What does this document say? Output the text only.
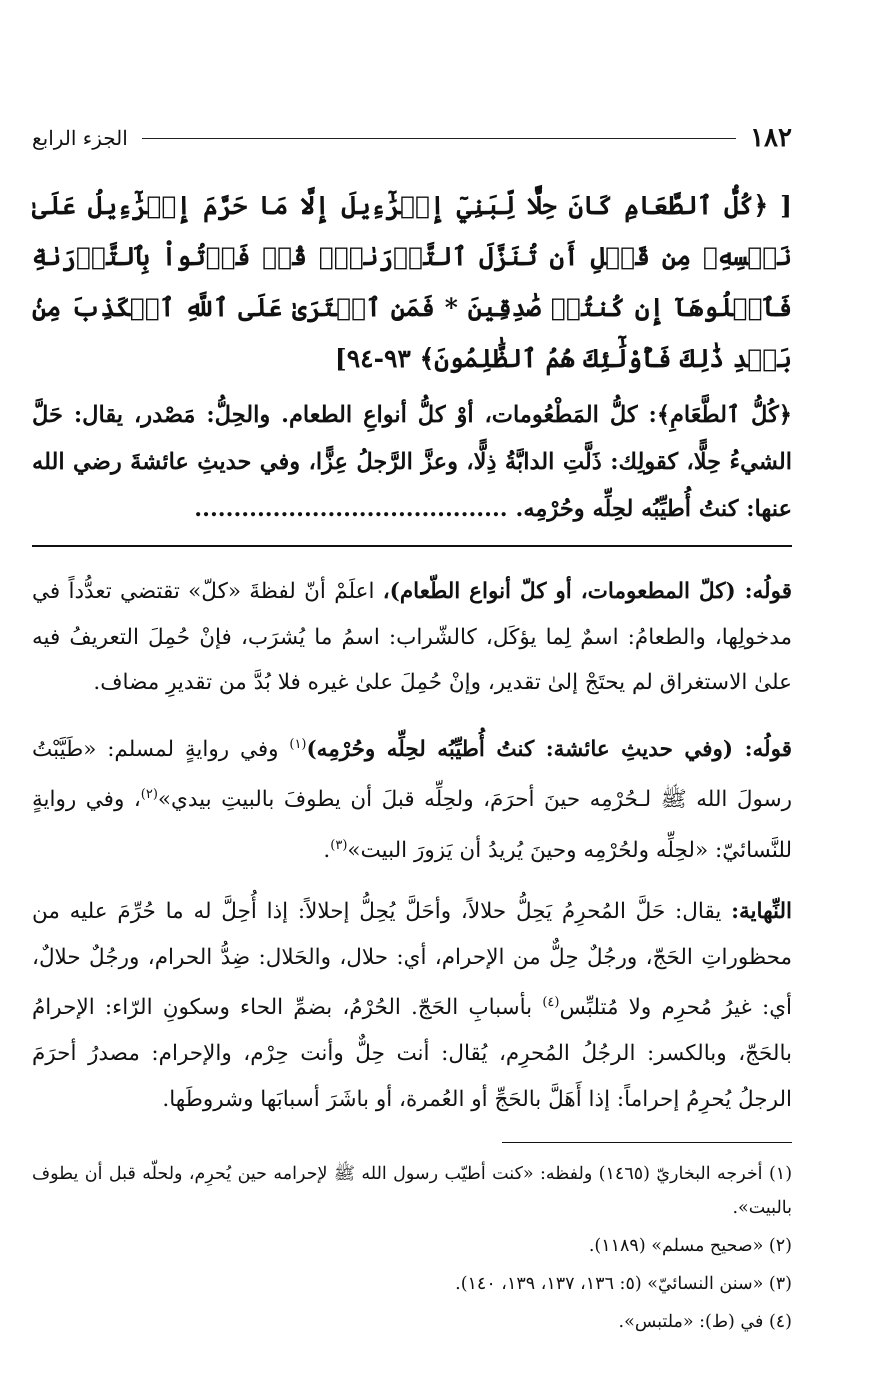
١٨٢
الجزء الرابع

[ ﴿كُلُّ ٱلطَّعَامِ كَانَ حِلًّا لِّبَنِيٓ إِسۡرَٰٓءِيلَ إِلَّا مَا حَرَّمَ إِسۡرَٰٓءِيلُ عَلَىٰ نَفۡسِهِۦ مِن قَبۡلِ أَن تُنَزَّلَ ٱلتَّوۡرَىٰةُۚ قُلۡ فَأۡتُواْ بِٱلتَّوۡرَىٰةِ فَٱتۡلُوهَآ إِن كُنتُمۡ صَٰدِقِينَ * فَمَنِ ٱفۡتَرَىٰ عَلَى ٱللَّهِ ٱلۡكَذِبَ مِنۢ بَعۡدِ ذَٰلِكَ فَأُوْلَٰٓئِكَ هُمُ ٱلظَّٰلِمُونَ﴾ ٩٣-٩٤]

﴿كُلُّ ٱلطَّعَامِ﴾: كلُّ المَطْعُومات، أوْ كلُّ أنواعِ الطعام. والحِلُّ: مَصْدر، يقال: حَلَّ الشيءُ حِلًّا، كقولِك: ذَلَّتِ الدابَّةُ ذِلًّا، وعزَّ الرَّجلُ عِزًّا، وفي حديثِ عائشةَ رضي الله عنها: كنتُ أُطيِّبُه لحِلِّه وحُرْمِه. ........................................

قولُه: (كلّ المطعومات، أو كلّ أنواع الطّعام)، اعلَمْ أنّ لفظةَ «كلّ» تقتضي تعدُّداً في مدخولِها، والطعامُ: اسمٌ لِما يؤكَل، كالشّراب: اسمُ ما يُشرَب، فإنْ حُمِلَ التعريفُ فيه علىٰ الاستغراق لم يحتَجْ إلىٰ تقدير، وإنْ حُمِلَ علىٰ غيره فلا بُدَّ من تقديرِ مضاف.

قولُه: (وفي حديثِ عائشة: كنتُ أُطيِّبُه لحِلِّه وحُرْمِه)$^{(١)}$ وفي روايةٍ لمسلم: «طَيَّبْتُ رسولَ الله ﷺ لـحُرْمِه حينَ أحرَمَ، ولحِلِّه قبلَ أن يطوفَ بالبيتِ بيدي»$^{(٢)}$، وفي روايةٍ للنَّسائيّ: «لحِلِّه ولحُرْمِه وحينَ يُريدُ أن يَزورَ البيت»$^{(٣)}$.

النِّهاية: يقال: حَلَّ المُحرِمُ يَحِلُّ حلالاً، وأحَلَّ يُحِلُّ إحلالاً: إذا أُحِلَّ له ما حُرِّمَ عليه من محظوراتِ الحَجّ، ورجُلٌ حِلٌّ من الإحرام، أي: حلال، والحَلال: ضِدُّ الحرام، ورجُلٌ حلالٌ، أي: غيرُ مُحرِم ولا مُتلبِّس$^{(٤)}$ بأسبابِ الحَجّ. الحُرْمُ، بضمِّ الحاء وسكونِ الرّاء: الإحرامُ بالحَجّ، وبالكسر: الرجُلُ المُحرِم، يُقال: أنت حِلٌّ وأنت حِرْم، والإحرام: مصدرُ أحرَمَ الرجلُ يُحرِمُ إحراماً: إذا أَهَلَّ بالحَجِّ أو العُمرة، أو باشَرَ أسبابَها وشروطَها.

(١) أخرجه البخاريّ (١٤٦٥) ولفظه: «كنت أطيّب رسول الله ﷺ لإحرامه حين يُحرِم، ولحلّه قبل أن يطوف بالبيت».

(٢) «صحيح مسلم» (١١٨٩).

(٣) «سنن النسائيّ» (٥: ١٣٦، ١٣٧، ١٣٩، ١٤٠).

(٤) في (ط): «ملتبس».
